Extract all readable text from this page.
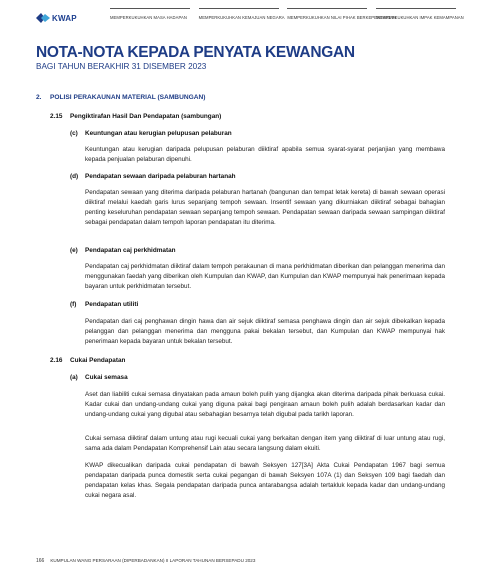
KWAP	MEMPERKUKUHKAN MASA HADAPAN	MEMPERKUKUHKAN KEMAJUAN NEGARA MEMPERKUKUHKAN NILAI PIHAK BERKEPENTINGAN
MEMPERKUKUHKAN IMPAK KEMAMPANAN
NOTA-NOTA KEPADA PENYATA KEWANGAN
BAGI TAHUN BERAKHIR 31 DISEMBER 2023
2. POLISI PERAKAUNAN MATERIAL (SAMBUNGAN)
2.15 Pengiktirafan Hasil Dan Pendapatan (sambungan)
(c) Keuntungan atau kerugian pelupusan pelaburan

Keuntungan atau kerugian daripada pelupusan pelaburan diiktiraf apabila semua syarat-syarat perjanjian yang membawa kepada penjualan pelaburan dipenuhi.

(d) Pendapatan sewaan daripada pelaburan hartanah

Pendapatan sewaan yang diterima daripada pelaburan hartanah (bangunan dan tempat letak kereta) di bawah sewaan operasi diiktiraf melalui kaedah garis lurus sepanjang tempoh sewaan. Insentif sewaan yang dikurniakan diiktiraf sebagai bahagian penting keseluruhan pendapatan sewaan sepanjang tempoh sewaan. Pendapatan sewaan daripada sewaan sampingan diiktiraf sebagai pendapatan dalam tempoh laporan pendapatan itu diterima.

(e) Pendapatan caj perkhidmatan

Pendapatan caj perkhidmatan diiktiraf dalam tempoh perakaunan di mana perkhidmatan diberikan dan pelanggan menerima dan menggunakan faedah yang diberikan oleh Kumpulan dan KWAP, dan Kumpulan dan KWAP mempunyai hak penerimaan kepada bayaran untuk perkhidmatan tersebut.

(f) Pendapatan utiliti

Pendapatan dari caj penghawan dingin hawa dan air sejuk diiktiraf semasa penghawa dingin dan air sejuk dibekalkan kepada pelanggan dan pelanggan menerima dan mengguna pakai bekalan tersebut, dan Kumpulan dan KWAP mempunyai hak penerimaan kepada bayaran untuk bekalan tersebut.

2.16 Cukai Pendapatan
(a) Cukai semasa

Aset dan liabiliti cukai semasa dinyatakan pada amaun boleh pulih yang dijangka akan diterima daripada pihak berkuasa cukai. Kadar cukai dan undang-undang cukai yang diguna pakai bagi pengiraan amaun boleh pulih adalah berdasarkan kadar dan undang-undang cukai yang digubal atau sebahagian besarnya telah digubal pada tarikh laporan.

Cukai semasa diiktiraf dalam untung atau rugi kecuali cukai yang berkaitan dengan item yang diiktiraf di luar untung atau rugi, sama ada dalam Pendapatan Komprehensif Lain atau secara langsung dalam ekuiti.

KWAP dikecualikan daripada cukai pendapatan di bawah Seksyen 127[3A] Akta Cukai Pendapatan 1967 bagi semua pendapatan daripada punca domestik serta cukai pegangan di bawah Seksyen 107A (1) dan Seksyen 109 bagi faedah dan pendapatan kelas khas. Segala pendapatan daripada punca antarabangsa adalah tertakluk kepada kadar dan undang-undang cukai negara asal.

166 KUMPULAN WANG PERSARAAN (DIPERBADANKAN) II LAPORAN TAHUNAN BERSEPADU 2023
